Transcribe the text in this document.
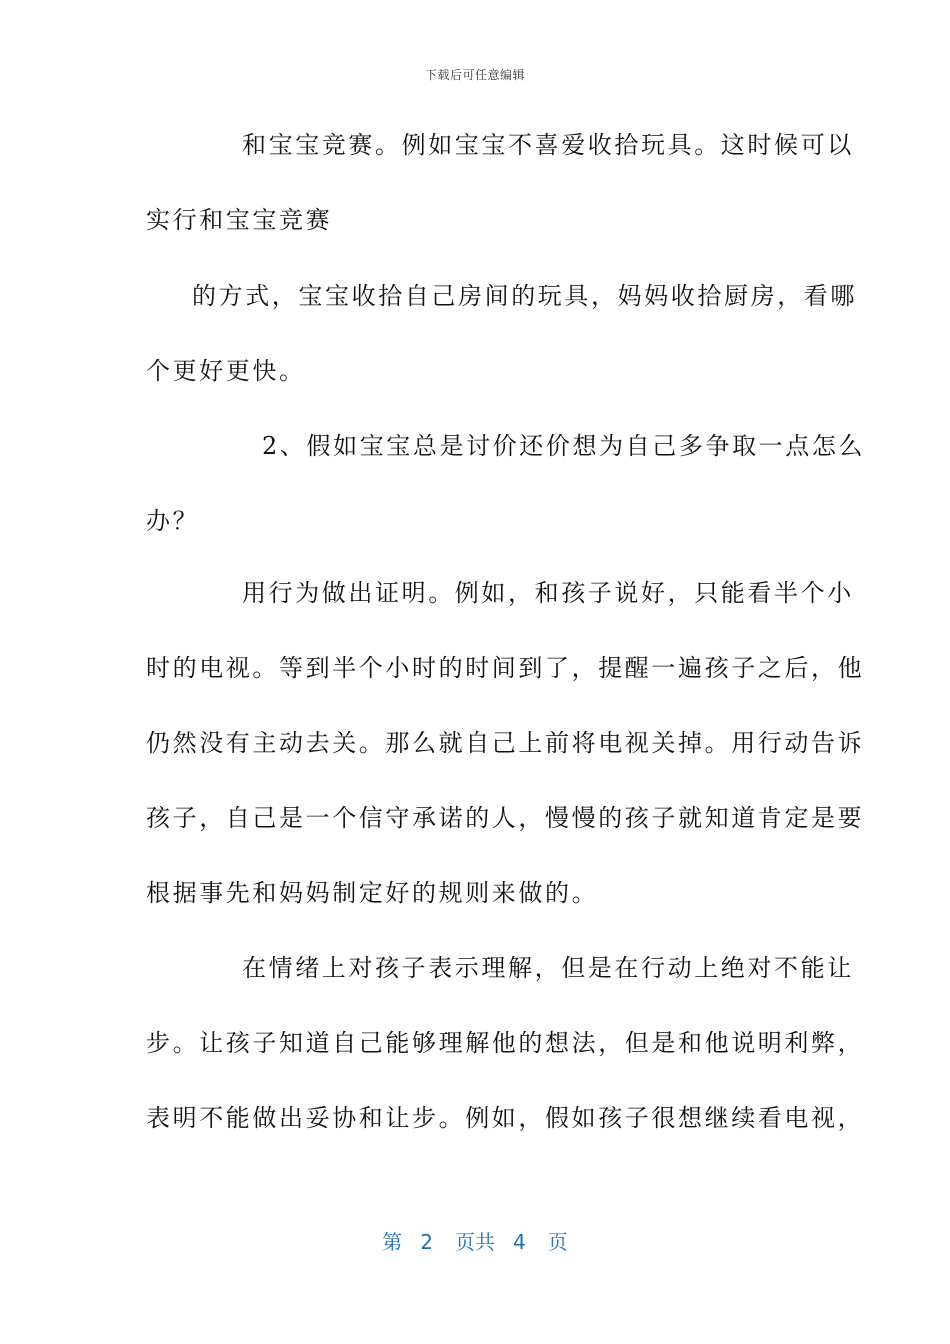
下载后可任意编辑
和宝宝竞赛。例如宝宝不喜爱收拾玩具。这时候可以
实行和宝宝竞赛
的方式，宝宝收拾自己房间的玩具，妈妈收拾厨房，看哪
个更好更快。
2、假如宝宝总是讨价还价想为自己多争取一点怎么
办？
用行为做出证明。例如，和孩子说好，只能看半个小
时的电视。等到半个小时的时间到了，提醒一遍孩子之后，他
仍然没有主动去关。那么就自己上前将电视关掉。用行动告诉
孩子，自己是一个信守承诺的人，慢慢的孩子就知道肯定是要
根据事先和妈妈制定好的规则来做的。
在情绪上对孩子表示理解，但是在行动上绝对不能让
步。让孩子知道自己能够理解他的想法，但是和他说明利弊，
表明不能做出妥协和让步。例如，假如孩子很想继续看电视，
第 2 页共 4 页
